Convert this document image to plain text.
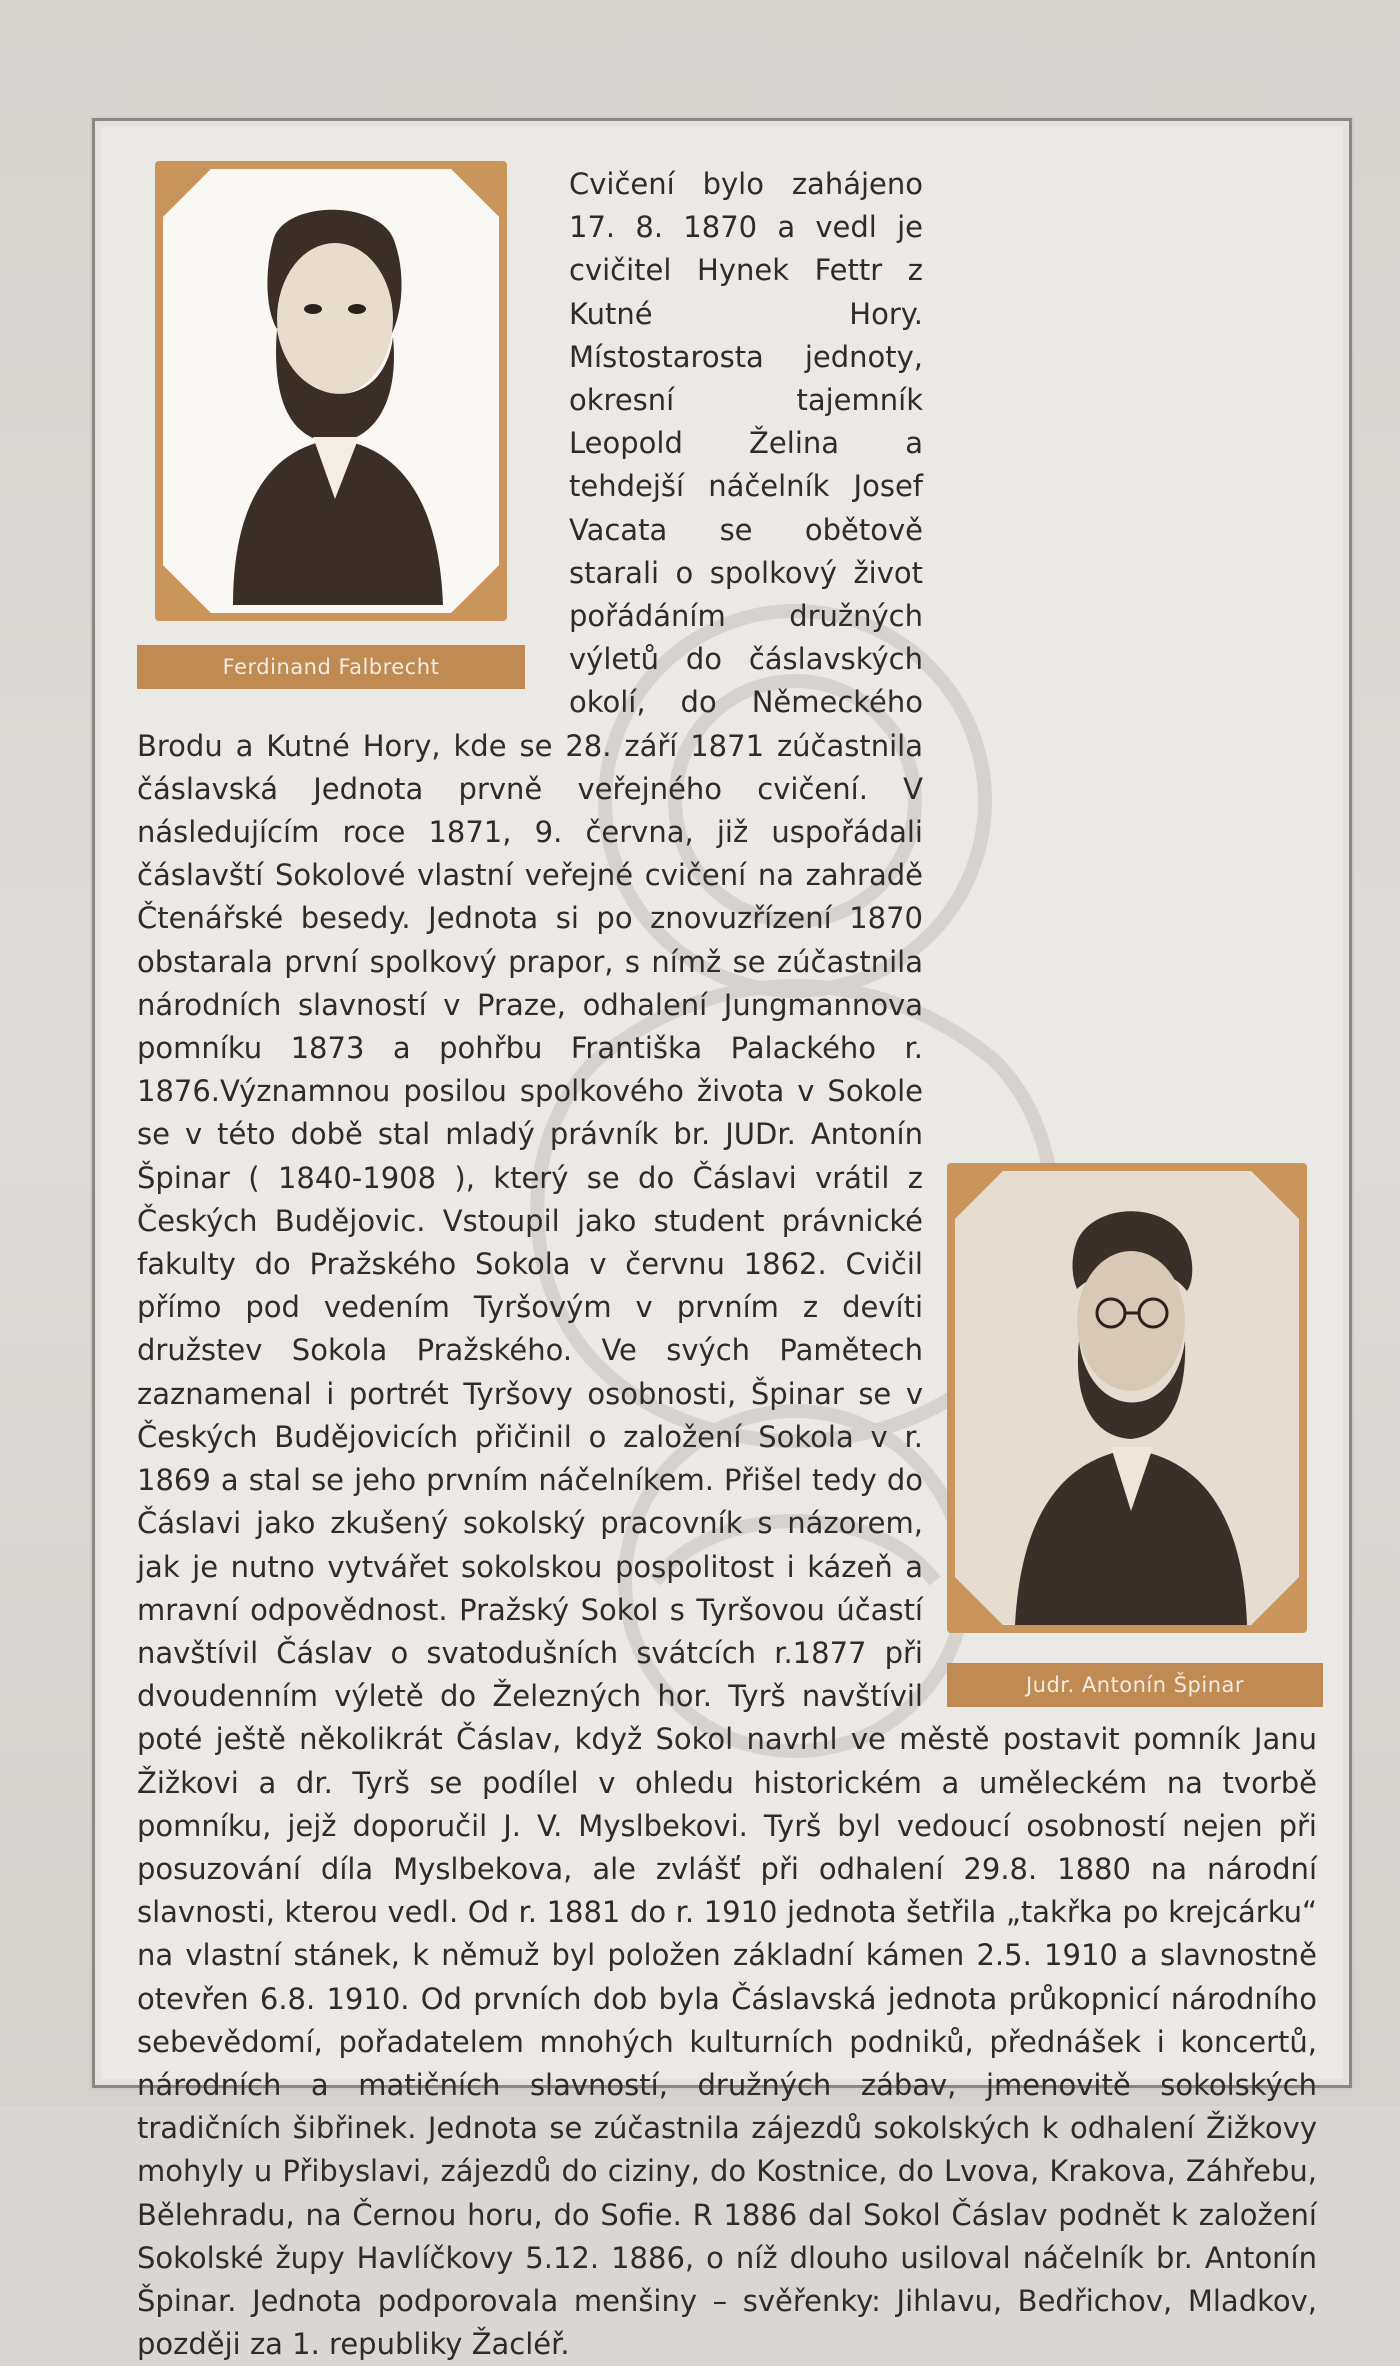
Ferdinand Falbrecht
Judr. Antonín Špinar

Cvičení bylo zahájeno 17. 8. 1870 a vedl je cvičitel Hynek Fettr z Kutné Hory. Místostarosta jednoty, okresní tajemník Leopold Želina a tehdejší náčelník Josef Vacata se obětově starali o spolkový život pořádáním družných výletů do čáslavských okolí, do Německého Brodu a Kutné Hory, kde se 28. září 1871 zúčastnila čáslavská Jednota prvně veřejného cvičení. V následujícím roce 1871, 9. června, již uspořádali čáslavští Sokolové vlastní veřejné cvičení na zahradě Čtenářské besedy. Jednota si po znovuzřízení 1870 obstarala první spolkový prapor, s nímž se zúčastnila národních slavností v Praze, odhalení Jungmannova pomníku 1873 a pohřbu Františka Palackého r. 1876.Významnou posilou spolkového života v Sokole se v této době stal mladý právník br. JUDr. Antonín Špinar ( 1840-1908 ), který se do Čáslavi vrátil z Českých Budějovic. Vstoupil jako student právnické fakulty do Pražského Sokola v červnu 1862. Cvičil přímo pod vedením Tyršovým v prvním z devíti družstev Sokola Pražského. Ve svých Pamětech zaznamenal i portrét Tyršovy osobnosti, Špinar se v Českých Budějovicích přičinil o založení Sokola v r. 1869 a stal se jeho prvním náčelníkem. Přišel tedy do Čáslavi jako zkušený sokolský pracovník s názorem, jak je nutno vytvářet sokolskou pospolitost i kázeň a mravní odpovědnost. Pražský Sokol s Tyršovou účastí navštívil Čáslav o svatodušních svátcích r.1877 při dvoudenním výletě do Železných hor. Tyrš navštívil poté ještě několikrát Čáslav, když Sokol navrhl ve městě postavit pomník Janu Žižkovi a dr. Tyrš se podílel v ohledu historickém a uměleckém na tvorbě pomníku, jejž doporučil J. V. Myslbekovi. Tyrš byl vedoucí osobností nejen při posuzování díla Myslbekova, ale zvlášť při odhalení 29.8. 1880 na národní slavnosti, kterou vedl. Od r. 1881 do r. 1910 jednota šetřila „takřka po krejcárku“ na vlastní stánek, k němuž byl položen základní kámen 2.5. 1910 a slavnostně otevřen 6.8. 1910. Od prvních dob byla Čáslavská jednota průkopnicí národního sebevědomí, pořadatelem mnohých kulturních podniků, přednášek i koncertů, národních a matičních slavností, družných zábav, jmenovitě sokolských tradičních šibřinek. Jednota se zúčastnila zájezdů sokolských k odhalení Žižkovy mohyly u Přibyslavi, zájezdů do ciziny, do Kostnice, do Lvova, Krakova, Záhřebu, Bělehradu, na Černou horu, do Sofie. R 1886 dal Sokol Čáslav podnět k založení Sokolské župy Havlíčkovy 5.12. 1886, o níž dlouho usiloval náčelník br. Antonín Špinar. Jednota podporovala menšiny – svěřenky: Jihlavu, Bedřichov, Mladkov, později za 1. republiky Žacléř.
